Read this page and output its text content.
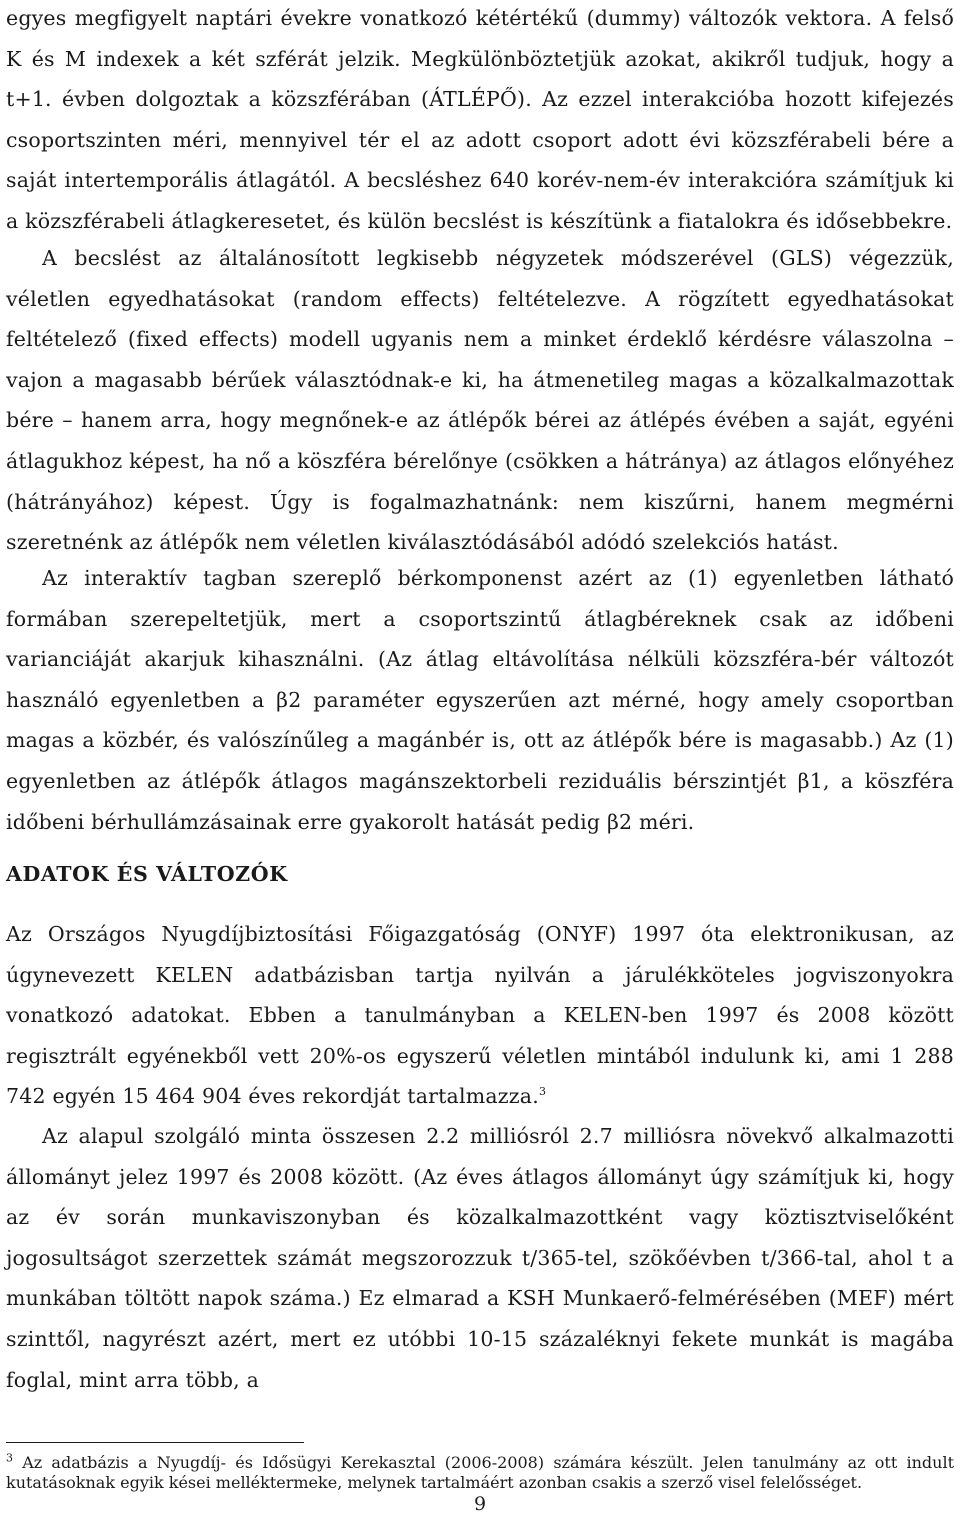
egyes megfigyelt naptári évekre vonatkozó kétértékű (dummy) változók vektora. A felső K és M indexek a két szférát jelzik. Megkülönböztetjük azokat, akikről tudjuk, hogy a t+1. évben dolgoztak a közszférában (ÁTLÉPŐ). Az ezzel interakcióba hozott kifejezés csoportszinten méri, mennyivel tér el az adott csoport adott évi közszférabeli bére a saját intertemporális átlagától. A becsléshez 640 korév-nem-év interakcióra számítjuk ki a közszférabeli átlagkeresetet, és külön becslést is készítünk a fiatalokra és idősebbekre.

A becslést az általánosított legkisebb négyzetek módszerével (GLS) végezzük, véletlen egyedhatásokat (random effects) feltételezve. A rögzített egyedhatásokat feltételező (fixed effects) modell ugyanis nem a minket érdeklő kérdésre válaszolna – vajon a magasabb bérűek választódnak-e ki, ha átmenetileg magas a közalkalmazottak bére – hanem arra, hogy megnőnek-e az átlépők bérei az átlépés évében a saját, egyéni átlagukhoz képest, ha nő a köszféra bérelőnye (csökken a hátránya) az átlagos előnyéhez (hátrányához) képest. Úgy is fogalmazhatnánk: nem kiszűrni, hanem megmérni szeretnénk az átlépők nem véletlen kiválasztódásából adódó szelekciós hatást.

Az interaktív tagban szereplő bérkomponenst azért az (1) egyenletben látható formában szerepeltetjük, mert a csoportszintű átlagbéreknek csak az időbeni varianciáját akarjuk kihasználni. (Az átlag eltávolítása nélküli közszféra-bér változót használó egyenletben a β2 paraméter egyszerűen azt mérné, hogy amely csoportban magas a közbér, és valószínűleg a magánbér is, ott az átlépők bére is magasabb.) Az (1) egyenletben az átlépők átlagos magánszektorbeli reziduális bérszintjét β1, a köszféra időbeni bérhullámzásainak erre gyakorolt hatását pedig β2 méri.

ADATOK ÉS VÁLTOZÓK

Az Országos Nyugdíjbiztosítási Főigazgatóság (ONYF) 1997 óta elektronikusan, az úgynevezett KELEN adatbázisban tartja nyilván a járulékköteles jogviszonyokra vonatkozó adatokat. Ebben a tanulmányban a KELEN-ben 1997 és 2008 között regisztrált egyénekből vett 20%-os egyszerű véletlen mintából indulunk ki, ami 1 288 742 egyén 15 464 904 éves rekordját tartalmazza.$^3$

Az alapul szolgáló minta összesen 2.2 milliósról 2.7 milliósra növekvő alkalmazotti állományt jelez 1997 és 2008 között. (Az éves átlagos állományt úgy számítjuk ki, hogy az év során munkaviszonyban és közalkalmazottként vagy köztisztviselőként jogosultságot szerzettek számát megszorozzuk t/365-tel, szökőévben t/366-tal, ahol t a munkában töltött napok száma.) Ez elmarad a KSH Munkaerő-felmérésében (MEF) mért szinttől, nagyrészt azért, mert ez utóbbi 10-15 százaléknyi fekete munkát is magába foglal, mint arra több, a

$^3$ Az adatbázis a Nyugdíj- és Idősügyi Kerekasztal (2006-2008) számára készült. Jelen tanulmány az ott indult kutatásoknak egyik kései melléktermeke, melynek tartalmáért azonban csakis a szerző visel felelősséget.

9
